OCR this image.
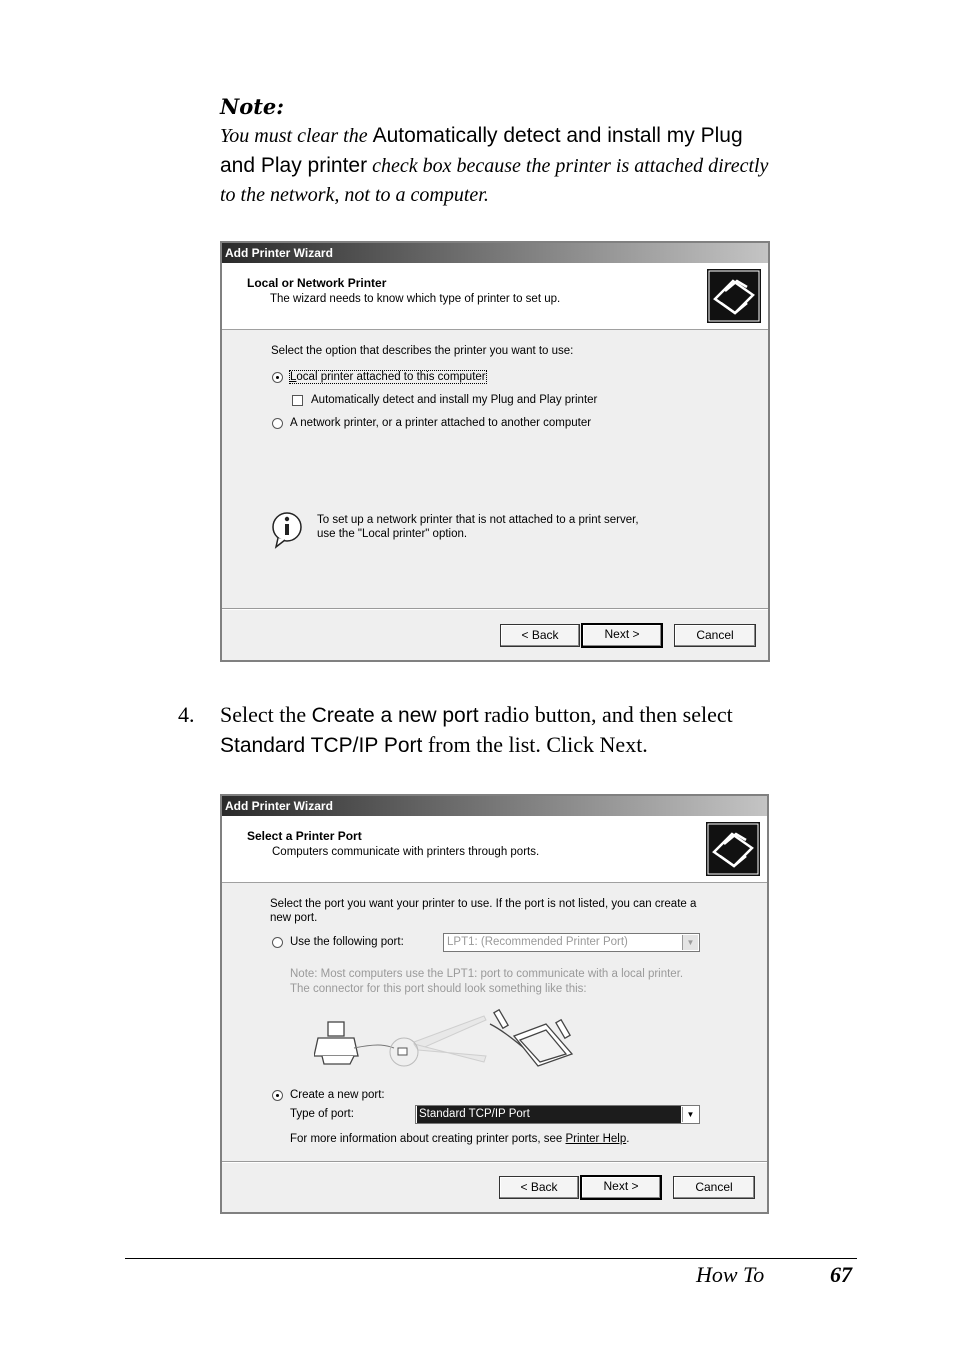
Note:
You must clear the Automatically detect and install my Plug
and Play printer check box because the printer is attached directly
to the network, not to a computer.
Add Printer Wizard
Local or Network Printer
The wizard needs to know which type of printer to set up.
Select the option that describes the printer you want to use:
Local printer attached to this computer
Automatically detect and install my Plug and Play printer
A network printer, or a printer attached to another computer
To set up a network printer that is not attached to a print server,
use the "Local printer" option.
< Back	Next >	Cancel
4. Select the Create a new port radio button, and then select
Standard TCP/IP Port from the list. Click Next.
Add Printer Wizard
Select a Printer Port
Computers communicate with printers through ports.
Select the port you want your printer to use. If the port is not listed, you can create a
new port.
Use the following port:	LPT1: (Recommended Printer Port)	▼
Note: Most computers use the LPT1: port to communicate with a local printer.
The connector for this port should look something like this:
Create a new port:
Type of port:	Standard TCP/IP Port	▼
For more information about creating printer ports, see Printer Help.
< Back	Next >	Cancel
How To	67
